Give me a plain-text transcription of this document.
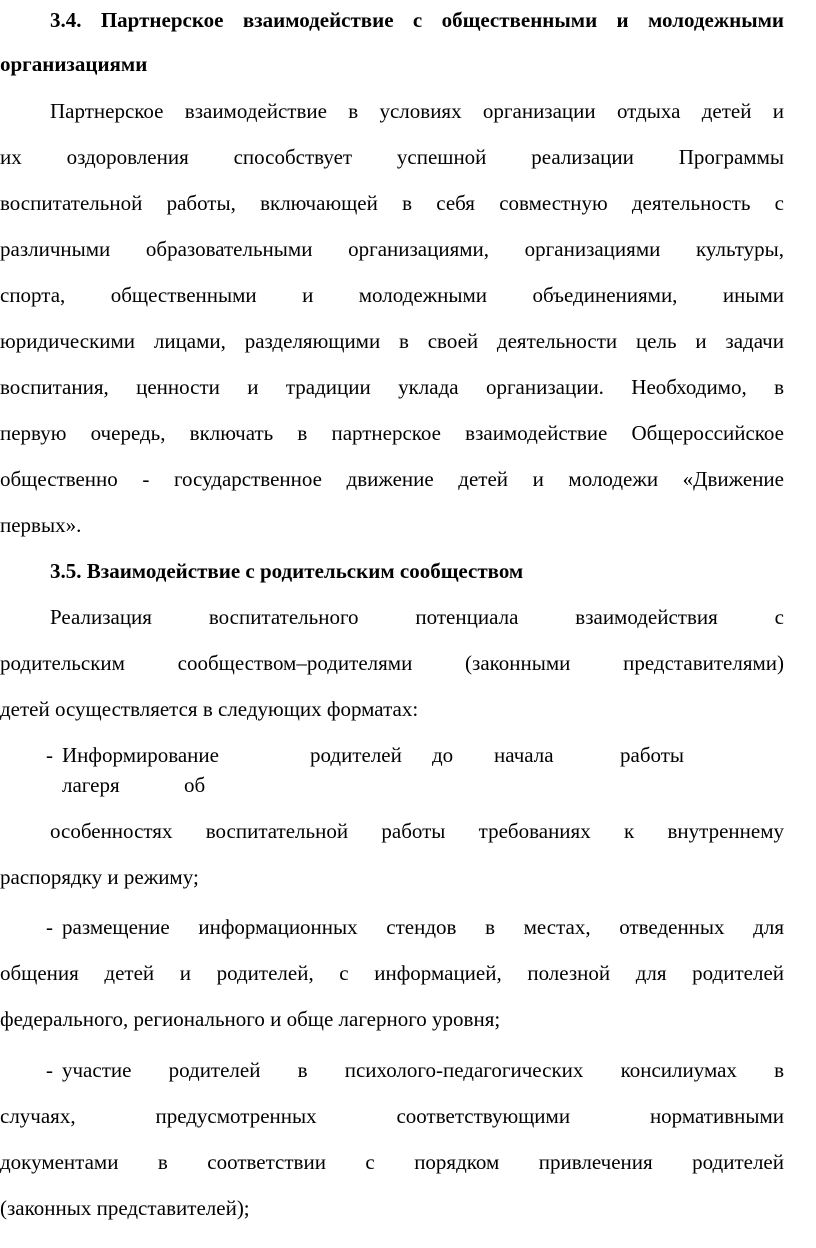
3.4. Партнерское взаимодействие с общественными и молодежными
организациями
Партнерское взаимодействие в условиях организации отдыха детей и
их оздоровления способствует успешной реализации Программы
воспитательной работы, включающей в себя совместную деятельность с
различными образовательными организациями, организациями культуры,
спорта, общественными и молодежными объединениями, иными
юридическими лицами, разделяющими в своей деятельности цель и задачи
воспитания, ценности и традиции уклада организации. Необходимо, в
первую очередь, включать в партнерское взаимодействие Общероссийское
общественно - государственное движение детей и молодежи «Движение
первых».
3.5. Взаимодействие с родительским сообществом
Реализация воспитательного потенциала взаимодействия с
родительским сообществом–родителями (законными представителями)
детей осуществляется в следующих форматах:
- Информирование	родителей до начала	работы
лагеря	об
особенностях воспитательной работы требованиях к внутреннему
распорядку и режиму;
- размещение информационных стендов в местах, отведенных для
общения детей и родителей, с информацией, полезной для родителей
федерального, регионального и обще лагерного уровня;
- участие родителей в психолого-педагогических консилиумах в
случаях, предусмотренных соответствующими нормативными
документами в соответствии с порядком привлечения родителей
(законных представителей);
